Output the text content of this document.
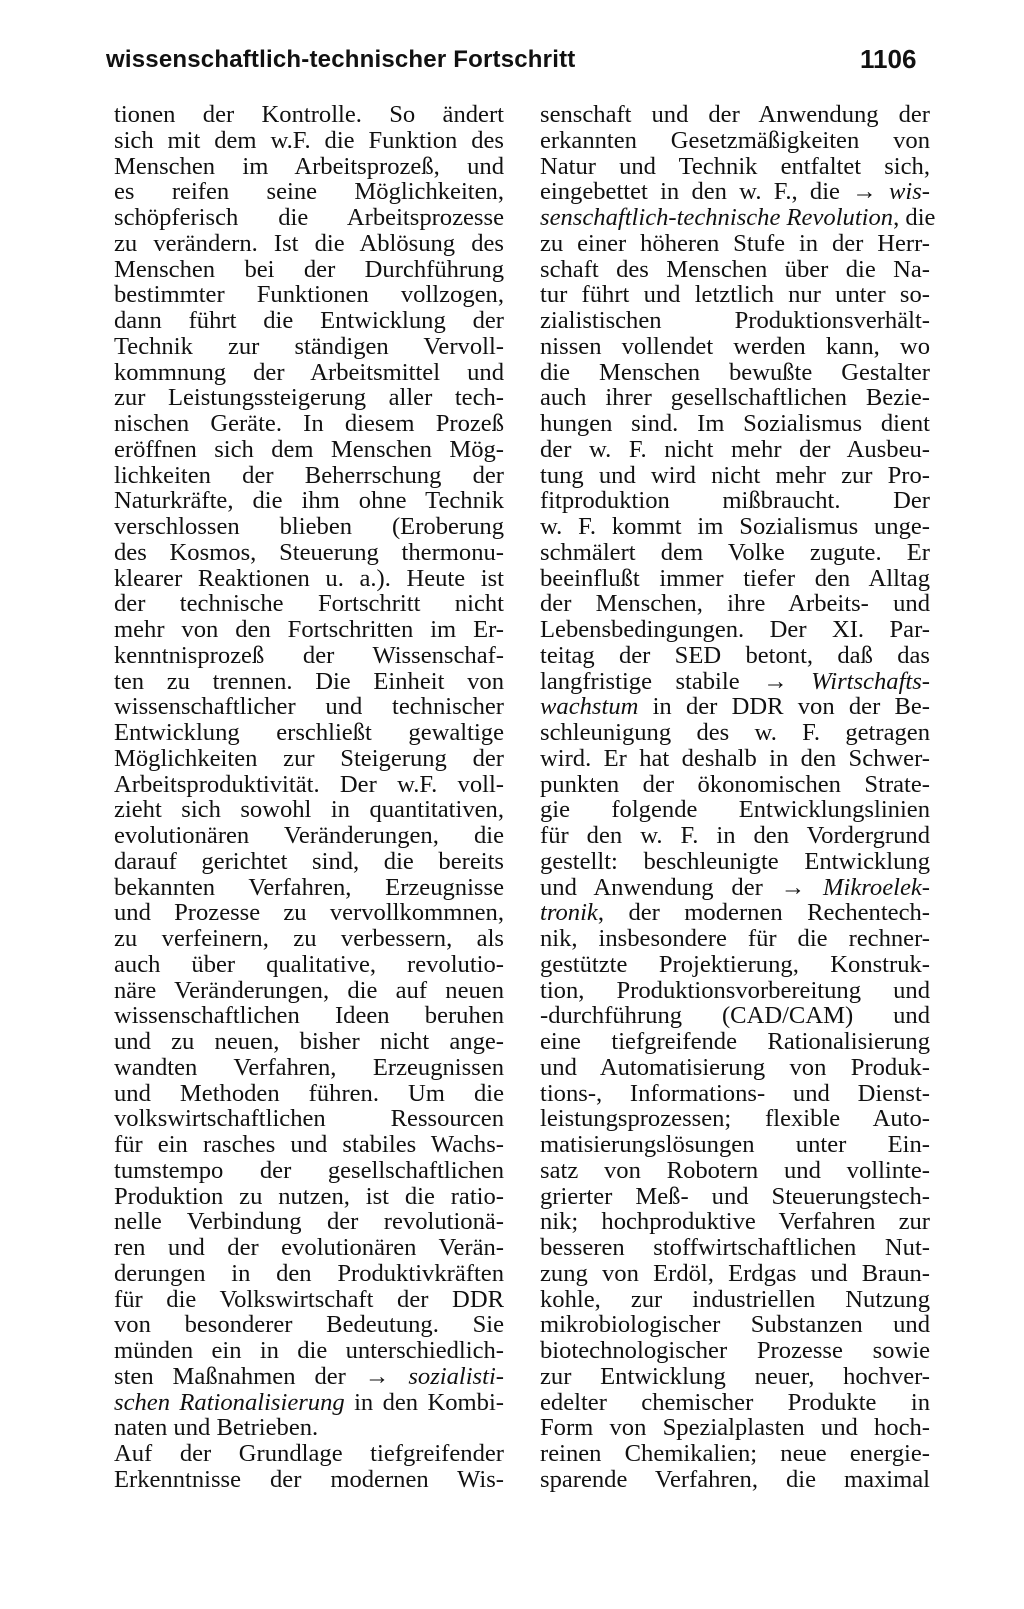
wissenschaftlich-technischer Fortschritt	1106
tionen der Kontrolle. So ändert
sich mit dem w.F. die Funktion des
Menschen im Arbeitsprozeß, und
es reifen seine Möglichkeiten,
schöpferisch die Arbeitsprozesse
zu verändern. Ist die Ablösung des
Menschen bei der Durchführung
bestimmter Funktionen vollzogen,
dann führt die Entwicklung der
Technik zur ständigen Vervoll-
kommnung der Arbeitsmittel und
zur Leistungssteigerung aller tech-
nischen Geräte. In diesem Prozeß
eröffnen sich dem Menschen Mög-
lichkeiten der Beherrschung der
Naturkräfte, die ihm ohne Technik
verschlossen blieben (Eroberung
des Kosmos, Steuerung thermonu-
klearer Reaktionen u. a.). Heute ist
der technische Fortschritt nicht
mehr von den Fortschritten im Er-
kenntnisprozeß der Wissenschaf-
ten zu trennen. Die Einheit von
wissenschaftlicher und technischer
Entwicklung erschließt gewaltige
Möglichkeiten zur Steigerung der
Arbeitsproduktivität. Der w.F. voll-
zieht sich sowohl in quantitativen,
evolutionären Veränderungen, die
darauf gerichtet sind, die bereits
bekannten Verfahren, Erzeugnisse
und Prozesse zu vervollkommnen,
zu verfeinern, zu verbessern, als
auch über qualitative, revolutio-
näre Veränderungen, die auf neuen
wissenschaftlichen Ideen beruhen
und zu neuen, bisher nicht ange-
wandten Verfahren, Erzeugnissen
und Methoden führen. Um die
volkswirtschaftlichen Ressourcen
für ein rasches und stabiles Wachs-
tumstempo der gesellschaftlichen
Produktion zu nutzen, ist die ratio-
nelle Verbindung der revolutionä-
ren und der evolutionären Verän-
derungen in den Produktivkräften
für die Volkswirtschaft der DDR
von besonderer Bedeutung. Sie
münden ein in die unterschiedlich-
sten Maßnahmen der → sozialisti-
schen Rationalisierung in den Kombi-
naten und Betrieben.
Auf der Grundlage tiefgreifender
Erkenntnisse der modernen Wis-
senschaft und der Anwendung der
erkannten Gesetzmäßigkeiten von
Natur und Technik entfaltet sich,
eingebettet in den w. F., die → wis-
senschaftlich-technische Revolution, die
zu einer höheren Stufe in der Herr-
schaft des Menschen über die Na-
tur führt und letztlich nur unter so-
zialistischen Produktionsverhält-
nissen vollendet werden kann, wo
die Menschen bewußte Gestalter
auch ihrer gesellschaftlichen Bezie-
hungen sind. Im Sozialismus dient
der w. F. nicht mehr der Ausbeu-
tung und wird nicht mehr zur Pro-
fitproduktion mißbraucht. Der
w. F. kommt im Sozialismus unge-
schmälert dem Volke zugute. Er
beeinflußt immer tiefer den Alltag
der Menschen, ihre Arbeits- und
Lebensbedingungen. Der XI. Par-
teitag der SED betont, daß das
langfristige stabile → Wirtschafts-
wachstum in der DDR von der Be-
schleunigung des w. F. getragen
wird. Er hat deshalb in den Schwer-
punkten der ökonomischen Strate-
gie folgende Entwicklungslinien
für den w. F. in den Vordergrund
gestellt: beschleunigte Entwicklung
und Anwendung der → Mikroelek-
tronik, der modernen Rechentech-
nik, insbesondere für die rechner-
gestützte Projektierung, Konstruk-
tion, Produktionsvorbereitung und
-durchführung (CAD/CAM) und
eine tiefgreifende Rationalisierung
und Automatisierung von Produk-
tions-, Informations- und Dienst-
leistungsprozessen; flexible Auto-
matisierungslösungen unter Ein-
satz von Robotern und vollinte-
grierter Meß- und Steuerungstech-
nik; hochproduktive Verfahren zur
besseren stoffwirtschaftlichen Nut-
zung von Erdöl, Erdgas und Braun-
kohle, zur industriellen Nutzung
mikrobiologischer Substanzen und
biotechnologischer Prozesse sowie
zur Entwicklung neuer, hochver-
edelter chemischer Produkte in
Form von Spezialplasten und hoch-
reinen Chemikalien; neue energie-
sparende Verfahren, die maximal
